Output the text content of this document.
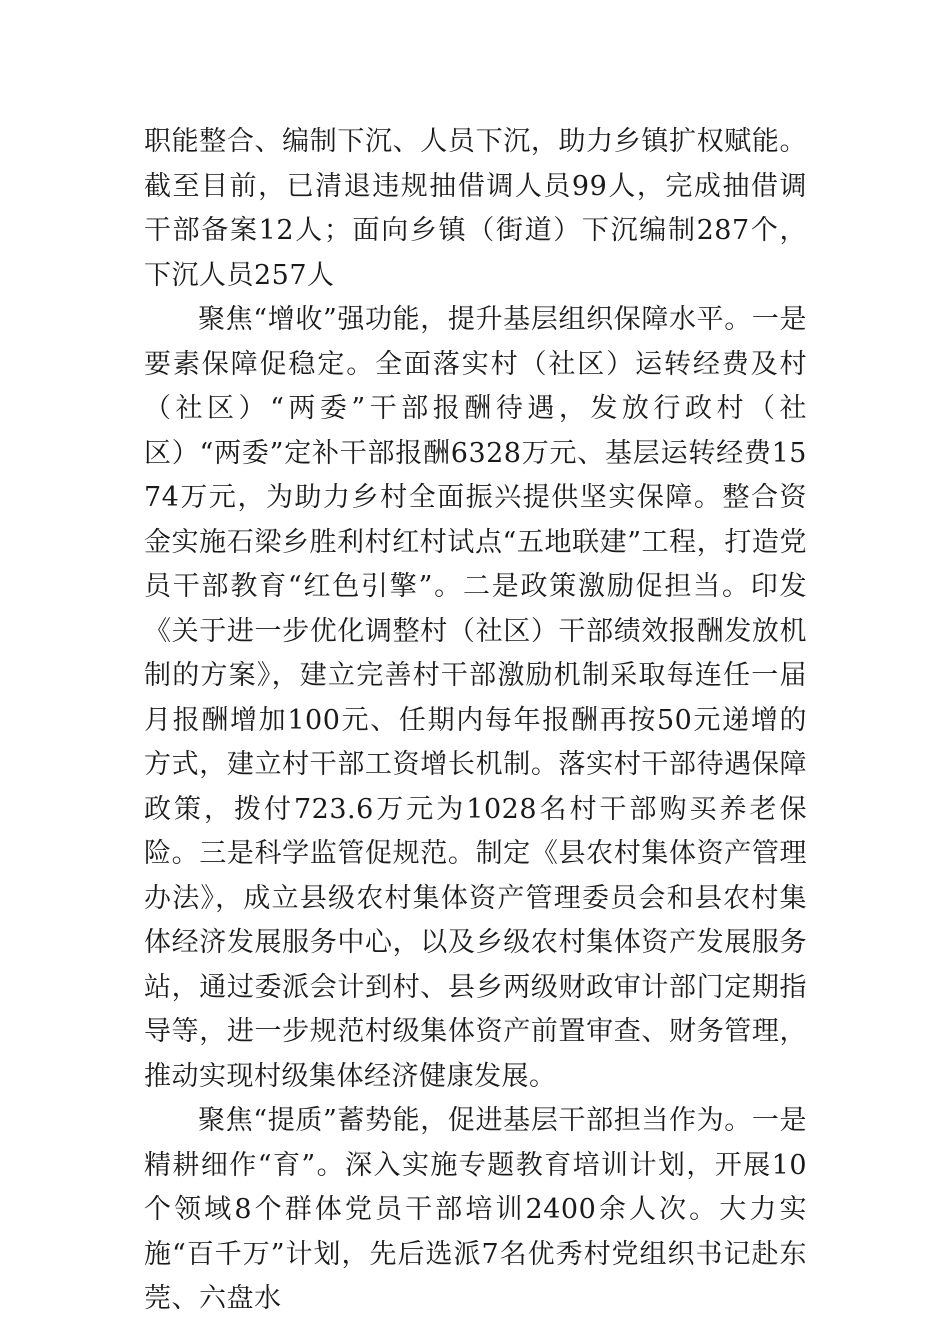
职能整合、编制下沉、人员下沉，助力乡镇扩权赋能。截至目前，已清退违规抽借调人员99人，完成抽借调干部备案12人；面向乡镇（街道）下沉编制287个，下沉人员257人

聚焦“增收”强功能，提升基层组织保障水平。一是要素保障促稳定。全面落实村（社区）运转经费及村（社区）“两委”干部报酬待遇，发放行政村（社区）“两委”定补干部报酬6328万元、基层运转经费1574万元，为助力乡村全面振兴提供坚实保障。整合资金实施石梁乡胜利村红村试点“五地联建”工程，打造党员干部教育“红色引擎”。二是政策激励促担当。印发《关于进一步优化调整村（社区）干部绩效报酬发放机制的方案》，建立完善村干部激励机制采取每连任一届月报酬增加100元、任期内每年报酬再按50元递增的方式，建立村干部工资增长机制。落实村干部待遇保障政策，拨付723.6万元为1028名村干部购买养老保险。三是科学监管促规范。制定《县农村集体资产管理办法》，成立县级农村集体资产管理委员会和县农村集体经济发展服务中心，以及乡级农村集体资产发展服务站，通过委派会计到村、县乡两级财政审计部门定期指导等，进一步规范村级集体资产前置审查、财务管理，推动实现村级集体经济健康发展。

聚焦“提质”蓄势能，促进基层干部担当作为。一是精耕细作“育”。深入实施专题教育培训计划，开展10个领域8个群体党员干部培训2400余人次。大力实施“百千万”计划，先后选派7名优秀村党组织书记赴东莞、六盘水
